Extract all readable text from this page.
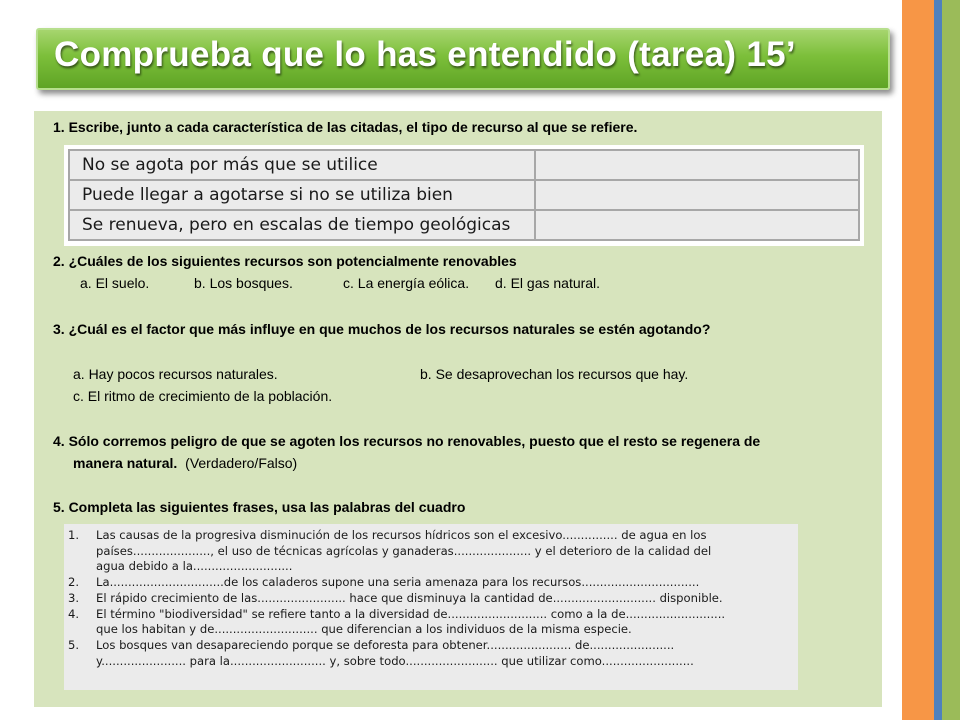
Comprueba que lo has entendido (tarea) 15’
1. Escribe, junto a cada característica de las citadas, el tipo de recurso al que se refiere.
No se agota por más que se utilice	
Puede llegar a agotarse si no se utiliza bien	
Se renueva, pero en escalas de tiempo geológicas	
2. ¿Cuáles de los siguientes recursos son potencialmente renovables
a. El suelo.	b. Los bosques.	c. La energía eólica. d. El gas natural.
3. ¿Cuál es el factor que más influye en que muchos de los recursos naturales se estén agotando?
a. Hay pocos recursos naturales.	b. Se desaprovechan los recursos que hay.
c. El ritmo de crecimiento de la población.
4. Sólo corremos peligro de que se agoten los recursos no renovables, puesto que el resto se regenera de
manera natural. (Verdadero/Falso)
5. Completa las siguientes frases, usa las palabras del cuadro
1.	Las causas de la progresiva disminución de los recursos hídricos son el excesivo............... de agua en los
países....................., el uso de técnicas agrícolas y ganaderas..................... y el deterioro de la calidad del
agua debido a la...........................
2.	La...............................de los caladeros supone una seria amenaza para los recursos................................
3.	El rápido crecimiento de las........................ hace que disminuya la cantidad de............................ disponible.
4.	El término "biodiversidad" se refiere tanto a la diversidad de........................... como a la de...........................
que los habitan y de............................ que diferencian a los individuos de la misma especie.
5.	Los bosques van desapareciendo porque se deforesta para obtener....................... de.......................
y....................... para la.......................... y, sobre todo......................... que utilizar como.........................
